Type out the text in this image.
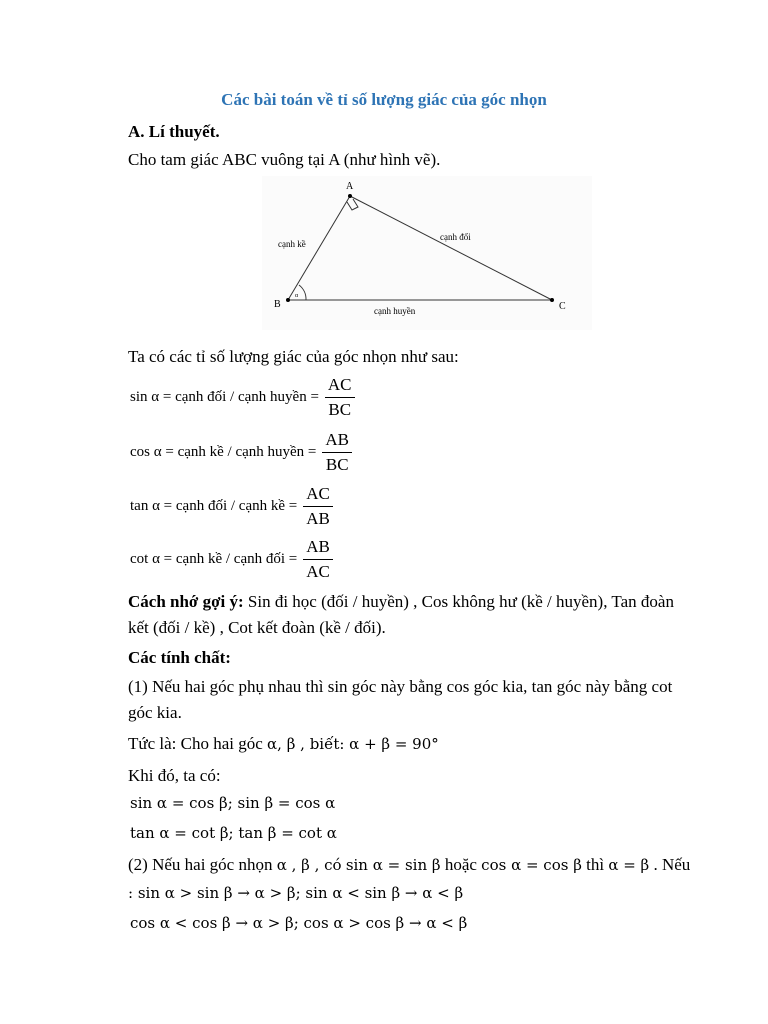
Các bài toán về tỉ số lượng giác của góc nhọn
A. Lí thuyết.
Cho tam giác ABC vuông tại A (như hình vẽ).
A
B	C
cạnh kề
cạnh đối
cạnh huyền
α
Ta có các tỉ số lượng giác của góc nhọn như sau:
sin α = cạnh đối / cạnh huyền = $\frac{AC}{BC}$
cos α = cạnh kề / cạnh huyền = $\frac{AB}{BC}$
tan α = cạnh đối / cạnh kề = $\frac{AC}{AB}$
cot α = cạnh kề / cạnh đối = $\frac{AB}{AC}$
Cách nhớ gợi ý: Sin đi học (đối / huyền) , Cos không hư (kề / huyền), Tan đoàn
kết (đối / kề) , Cot kết đoàn (kề / đối).
Các tính chất:
(1) Nếu hai góc phụ nhau thì sin góc này bằng cos góc kia, tan góc này bằng cot
góc kia.
Tức là: Cho hai góc α, β , biết: α + β = 90°
Khi đó, ta có:
sin α = cos β; sin β = cos α
tan α = cot β; tan β = cot α
(2) Nếu hai góc nhọn α , β , có sin α = sin β hoặc cos α = cos β thì α = β . Nếu
: sin α > sin β → α > β; sin α < sin β → α < β
cos α < cos β → α > β; cos α > cos β → α < β
